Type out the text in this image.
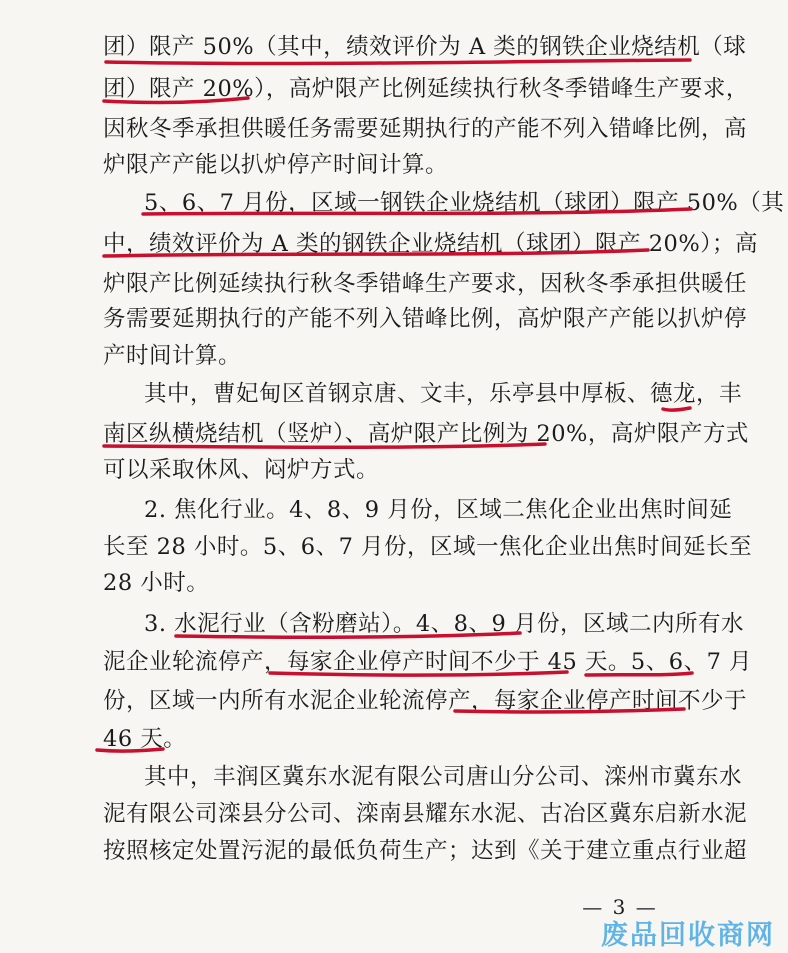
团）限产 50%（其中，绩效评价为 A 类的钢铁企业烧结机（球
团）限产 20%），高炉限产比例延续执行秋冬季错峰生产要求，
因秋冬季承担供暖任务需要延期执行的产能不列入错峰比例，高
炉限产产能以扒炉停产时间计算。
5、6、7 月份，区域一钢铁企业烧结机（球团）限产 50%（其
中，绩效评价为 A 类的钢铁企业烧结机（球团）限产 20%）；高
炉限产比例延续执行秋冬季错峰生产要求，因秋冬季承担供暖任
务需要延期执行的产能不列入错峰比例，高炉限产产能以扒炉停
产时间计算。
其中，曹妃甸区首钢京唐、文丰，乐亭县中厚板、德龙，丰
南区纵横烧结机（竖炉）、高炉限产比例为 20%，高炉限产方式
可以采取休风、闷炉方式。
2. 焦化行业。4、8、9 月份，区域二焦化企业出焦时间延
长至 28 小时。5、6、7 月份，区域一焦化企业出焦时间延长至
28 小时。
3. 水泥行业（含粉磨站）。4、8、9 月份，区域二内所有水
泥企业轮流停产，每家企业停产时间不少于 45 天。5、6、7 月
份，区域一内所有水泥企业轮流停产，每家企业停产时间不少于
46 天。
其中，丰润区冀东水泥有限公司唐山分公司、滦州市冀东水
泥有限公司滦县分公司、滦南县耀东水泥、古冶区冀东启新水泥
按照核定处置污泥的最低负荷生产；达到《关于建立重点行业超
— 3 —
废品回收商网
